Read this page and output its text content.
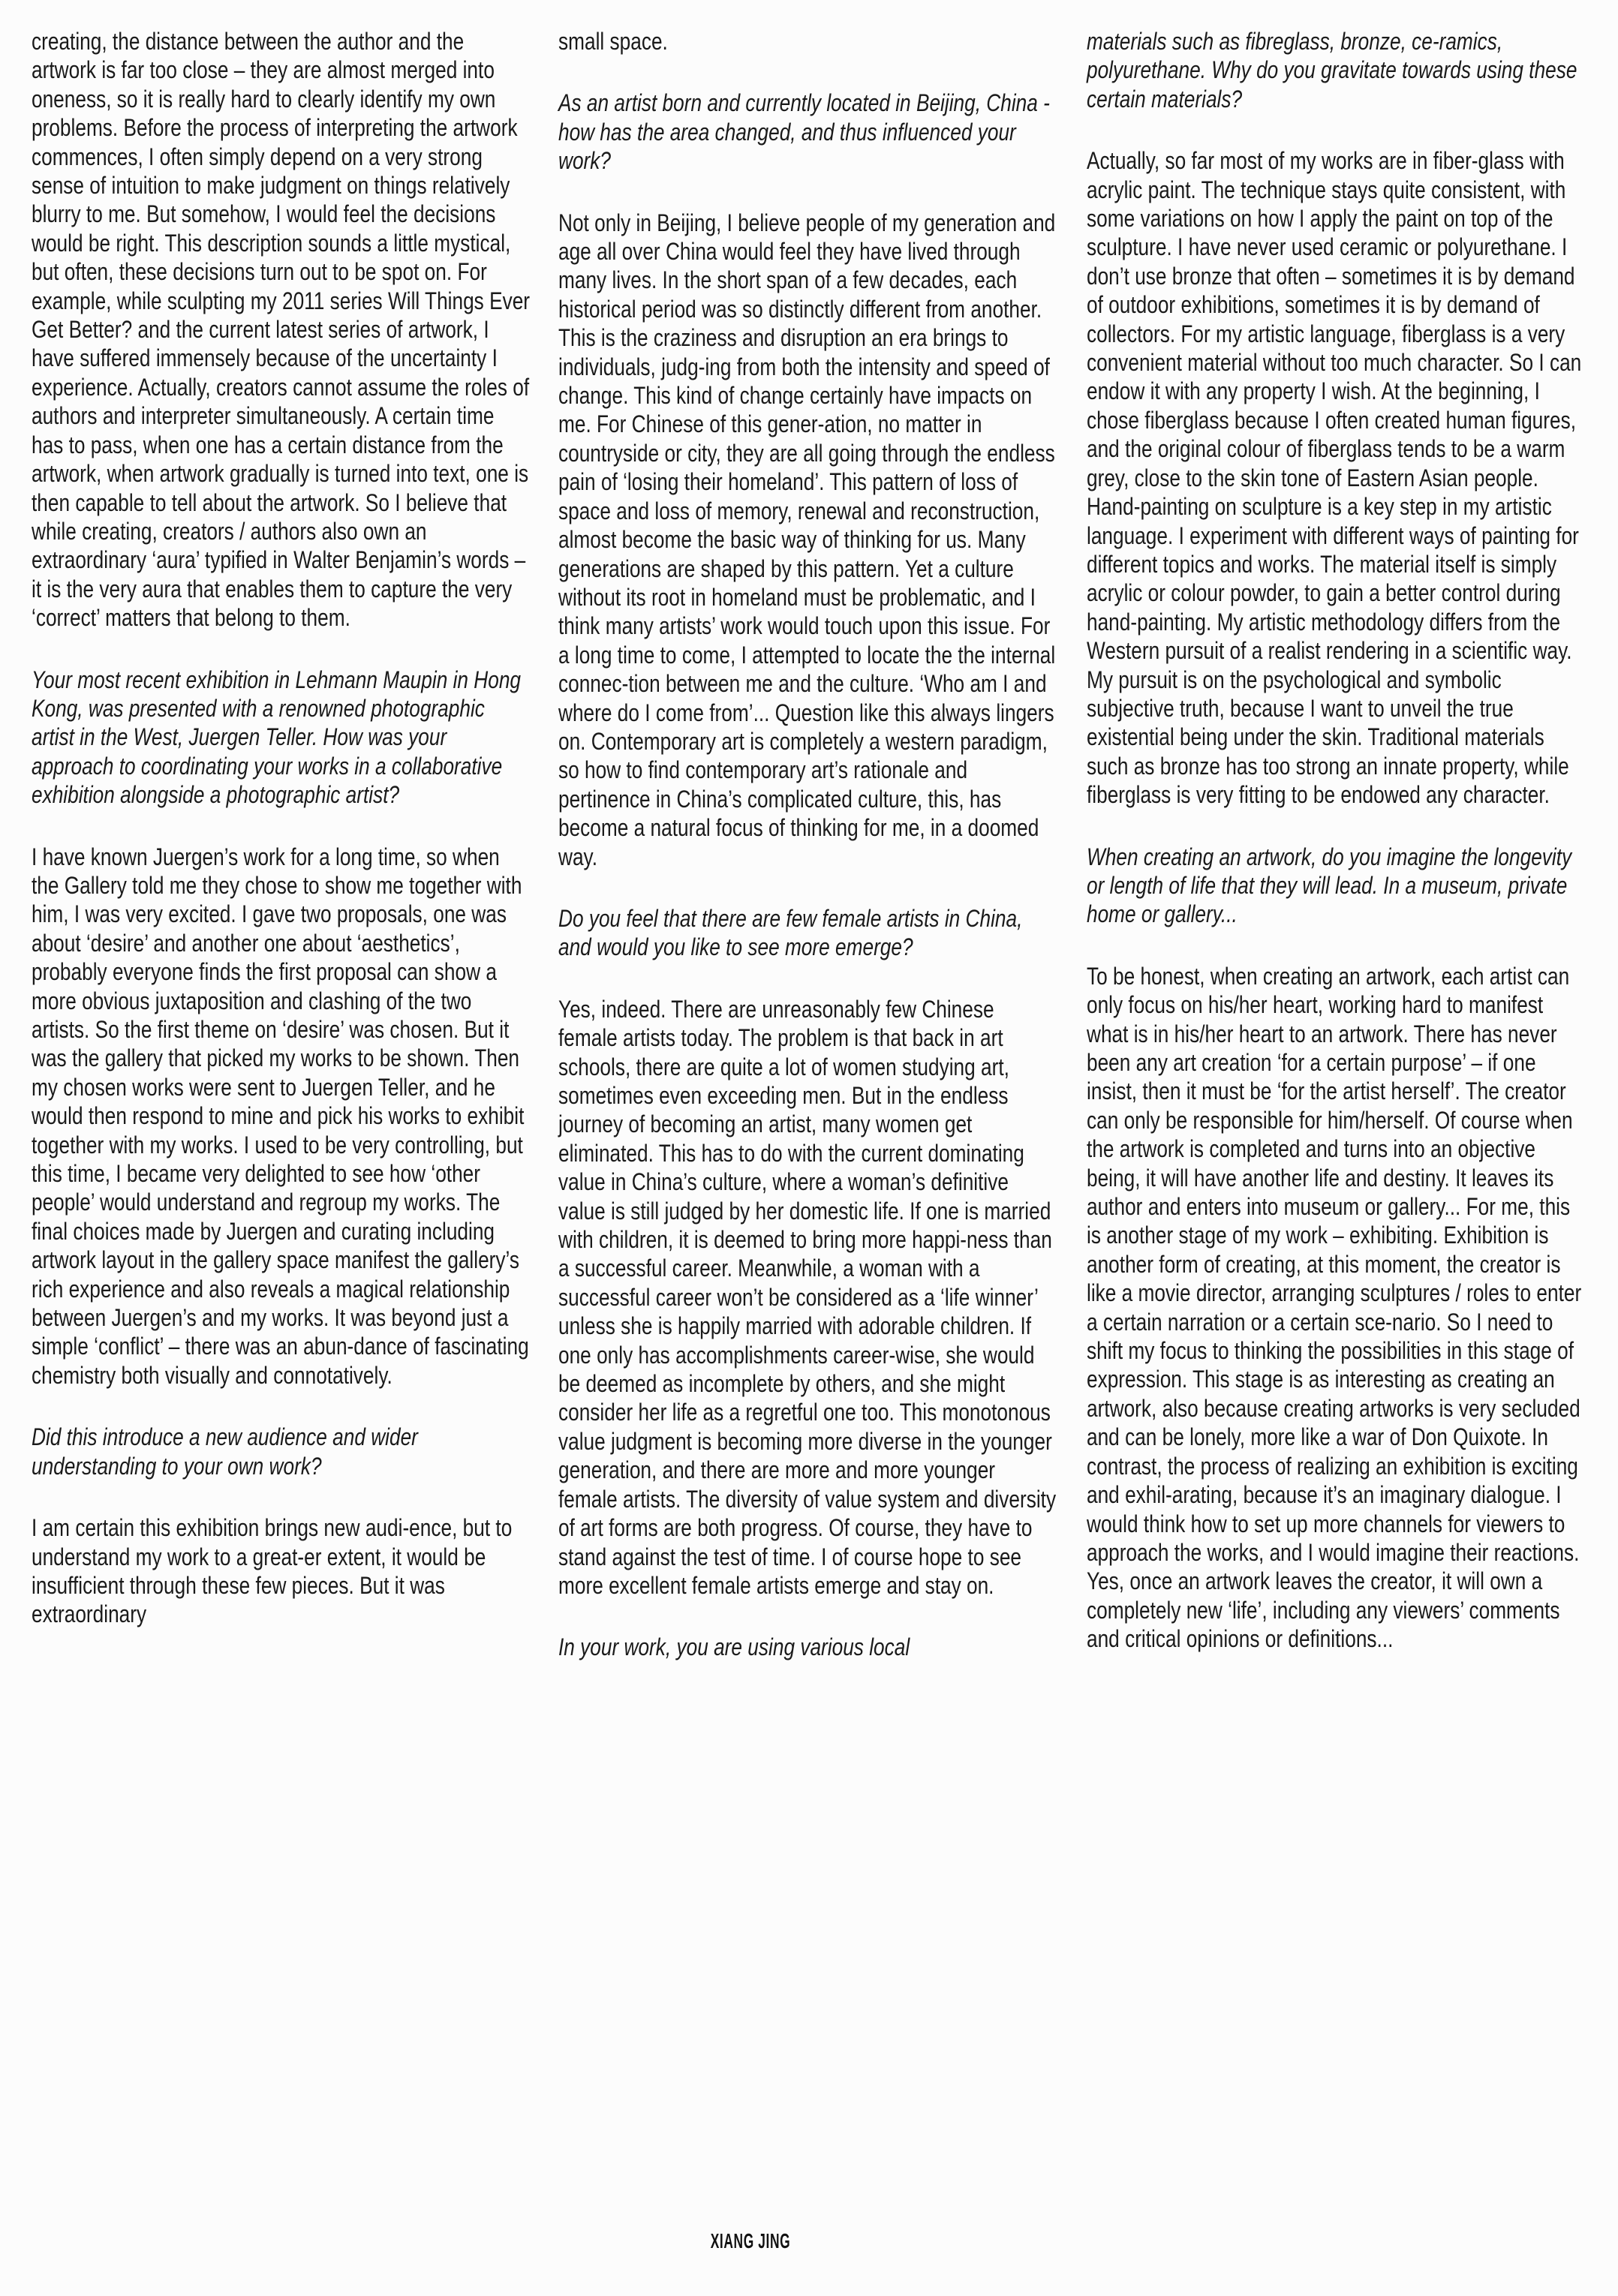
creating, the distance between the author and the artwork is far too close – they are almost merged into oneness, so it is really hard to clearly identify my own problems. Before the process of interpreting the artwork commences, I often simply depend on a very strong sense of intuition to make judgment on things relatively blurry to me. But somehow, I would feel the decisions would be right. This description sounds a little mystical, but often, these decisions turn out to be spot on. For example, while sculpting my 2011 series Will Things Ever Get Better? and the current latest series of artwork, I have suffered immensely because of the uncertainty I experience. Actually, creators cannot assume the roles of authors and interpreter simultaneously. A certain time has to pass, when one has a certain distance from the artwork, when artwork gradually is turned into text, one is then capable to tell about the artwork. So I believe that while creating, creators / authors also own an extraordinary ‘aura’ typified in Walter Benjamin’s words – it is the very aura that enables them to capture the very ‘correct’ matters that belong to them.

Your most recent exhibition in Lehmann Maupin in Hong Kong, was presented with a renowned photographic artist in the West, Juergen Teller. How was your approach to coordinating your works in a collaborative exhibition alongside a photographic artist?

I have known Juergen’s work for a long time, so when the Gallery told me they chose to show me together with him, I was very excited. I gave two proposals, one was about ‘desire’ and another one about ‘aesthetics’, probably everyone finds the first proposal can show a more obvious juxtaposition and clashing of the two artists. So the first theme on ‘desire’ was chosen. But it was the gallery that picked my works to be shown. Then my chosen works were sent to Juergen Teller, and he would then respond to mine and pick his works to exhibit together with my works. I used to be very controlling, but this time, I became very delighted to see how ‘other people’ would understand and regroup my works. The final choices made by Juergen and curating including artwork layout in the gallery space manifest the gallery’s rich experience and also reveals a magical relationship between Juergen’s and my works. It was beyond just a simple ‘conflict’ – there was an abun-dance of fascinating chemistry both visually and connotatively.

Did this introduce a new audience and wider understanding to your own work?

I am certain this exhibition brings new audi-ence, but to understand my work to a great-er extent, it would be insufficient through these few pieces. But it was extraordinary

small space.

As an artist born and currently located in Beijing, China - how has the area changed, and thus influenced your work?

Not only in Beijing, I believe people of my generation and age all over China would feel they have lived through many lives. In the short span of a few decades, each historical period was so distinctly different from another. This is the craziness and disruption an era brings to individuals, judg-ing from both the intensity and speed of change. This kind of change certainly have impacts on me. For Chinese of this gener-ation, no matter in countryside or city, they are all going through the endless pain of ‘losing their homeland’. This pattern of loss of space and loss of memory, renewal and reconstruction, almost become the basic way of thinking for us. Many generations are shaped by this pattern. Yet a culture without its root in homeland must be problematic, and I think many artists’ work would touch upon this issue. For a long time to come, I attempted to locate the the internal connec-tion between me and the culture. ‘Who am I and where do I come from’... Question like this always lingers on. Contemporary art is completely a western paradigm, so how to find contemporary art’s rationale and pertinence in China’s complicated culture, this, has become a natural focus of thinking for me, in a doomed way.

Do you feel that there are few female artists in China, and would you like to see more emerge?

Yes, indeed. There are unreasonably few Chinese female artists today. The problem is that back in art schools, there are quite a lot of women studying art, sometimes even exceeding men. But in the endless journey of becoming an artist, many women get eliminated. This has to do with the current dominating value in China’s culture, where a woman’s definitive value is still judged by her domestic life. If one is married with children, it is deemed to bring more happi-ness than a successful career. Meanwhile, a woman with a successful career won’t be considered as a ‘life winner’ unless she is happily married with adorable children. If one only has accomplishments career-wise, she would be deemed as incomplete by others, and she might consider her life as a regretful one too. This monotonous value judgment is becoming more diverse in the younger generation, and there are more and more younger female artists. The diversity of value system and diversity of art forms are both progress. Of course, they have to stand against the test of time. I of course hope to see more excellent female artists emerge and stay on.

In your work, you are using various local

materials such as fibreglass, bronze, ce-ramics, polyurethane. Why do you gravitate towards using these certain materials?

Actually, so far most of my works are in fiber-glass with acrylic paint. The technique stays quite consistent, with some variations on how I apply the paint on top of the sculpture. I have never used ceramic or polyurethane. I don’t use bronze that often – sometimes it is by demand of outdoor exhibitions, sometimes it is by demand of collectors. For my artistic language, fiberglass is a very convenient material without too much character. So I can endow it with any property I wish. At the beginning, I chose fiberglass because I often created human figures, and the original colour of fiberglass tends to be a warm grey, close to the skin tone of Eastern Asian people. Hand-painting on sculpture is a key step in my artistic language. I experiment with different ways of painting for different topics and works. The material itself is simply acrylic or colour powder, to gain a better control during hand-painting. My artistic methodology differs from the Western pursuit of a realist rendering in a scientific way. My pursuit is on the psychological and symbolic subjective truth, because I want to unveil the true existential being under the skin. Traditional materials such as bronze has too strong an innate property, while fiberglass is very fitting to be endowed any character.

When creating an artwork, do you imagine the longevity or length of life that they will lead. In a museum, private home or gallery...

To be honest, when creating an artwork, each artist can only focus on his/her heart, working hard to manifest what is in his/her heart to an artwork. There has never been any art creation ‘for a certain purpose’ – if one insist, then it must be ‘for the artist herself’. The creator can only be responsible for him/herself. Of course when the artwork is completed and turns into an objective being, it will have another life and destiny. It leaves its author and enters into museum or gallery... For me, this is another stage of my work – exhibiting. Exhibition is another form of creating, at this moment, the creator is like a movie director, arranging sculptures / roles to enter a certain narration or a certain sce-nario. So I need to shift my focus to thinking the possibilities in this stage of expression. This stage is as interesting as creating an artwork, also because creating artworks is very secluded and can be lonely, more like a war of Don Quixote. In contrast, the process of realizing an exhibition is exciting and exhil-arating, because it’s an imaginary dialogue. I would think how to set up more channels for viewers to approach the works, and I would imagine their reactions. Yes, once an artwork leaves the creator, it will own a completely new ‘life’, including any viewers’ comments and critical opinions or definitions...

XIANG JING
